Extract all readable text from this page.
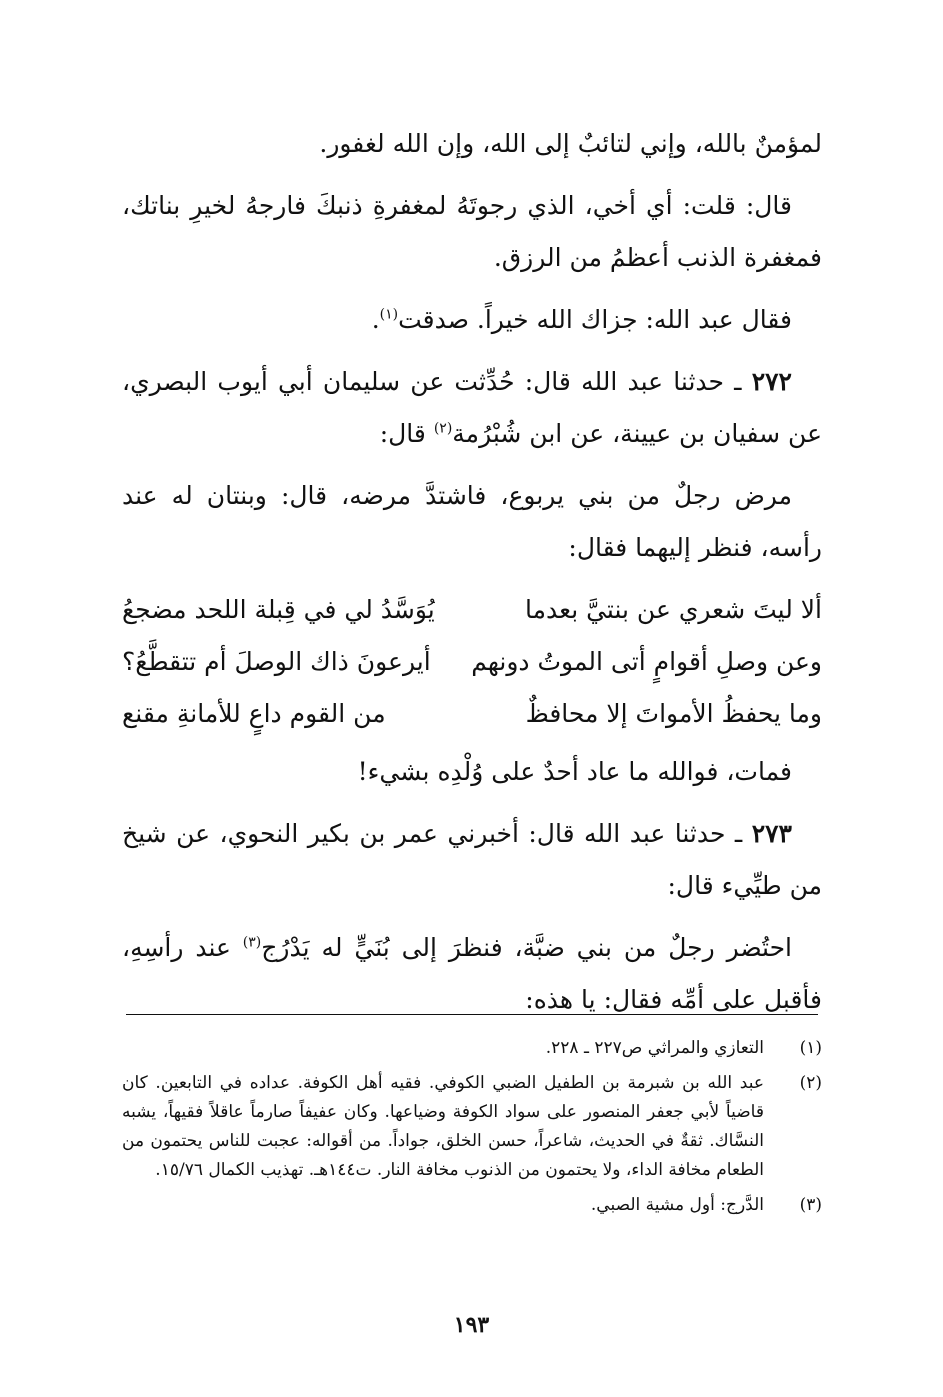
لمؤمنٌ بالله، وإني لتائبٌ إلى الله، وإن الله لغفور.

قال: قلت: أي أخي، الذي رجوتَهُ لمغفرةِ ذنبكَ فارجهُ لخيرِ بناتك، فمغفرة الذنب أعظمُ من الرزق.

فقال عبد الله: جزاك الله خيراً. صدقت$^{(١)}$.

٢٧٢ ـ حدثنا عبد الله قال: حُدِّثت عن سليمان أبي أيوب البصري، عن سفيان بن عيينة، عن ابن شُبْرُمة$^{(٢)}$ قال:

مرض رجلٌ من بني يربوع، فاشتدَّ مرضه، قال: وبنتان له عند رأسه، فنظر إليهما فقال:

ألا ليتَ شعري عن بنتيَّ بعدما
يُوَسَّدُ لي في قِبلة اللحد مضجعُ
وعن وصلِ أقوامٍ أتى الموتُ دونهم
أيرعونَ ذاك الوصلَ أم تتقطَّعُ؟
وما يحفظُ الأمواتَ إلا محافظٌ
من القوم داعٍ للأمانةِ مقنع

فمات، فوالله ما عاد أحدٌ على وُلْدِه بشيء!

٢٧٣ ـ حدثنا عبد الله قال: أخبرني عمر بن بكير النحوي، عن شيخ من طيِّيء قال:

احتُضر رجلٌ من بني ضبَّة، فنظرَ إلى بُنَيٍّ له يَدْرُج$^{(٣)}$ عند رأسِهِ، فأقبل على أمِّه فقال: يا هذه:

(١)
التعازي والمراثي ص٢٢٧ ـ ٢٢٨.
(٢)
عبد الله بن شبرمة بن الطفيل الضبي الكوفي. فقيه أهل الكوفة. عداده في التابعين. كان قاضياً لأبي جعفر المنصور على سواد الكوفة وضياعها. وكان عفيفاً صارماً عاقلاً فقيهاً، يشبه النسَّاك. ثقةٌ في الحديث، شاعراً، حسن الخلق، جواداً. من أقواله: عجبت للناس يحتمون من الطعام مخافة الداء، ولا يحتمون من الذنوب مخافة النار. ت١٤٤هـ. تهذيب الكمال ١٥/٧٦.
(٣)
الدَّرج: أول مشية الصبي.
١٩٣
